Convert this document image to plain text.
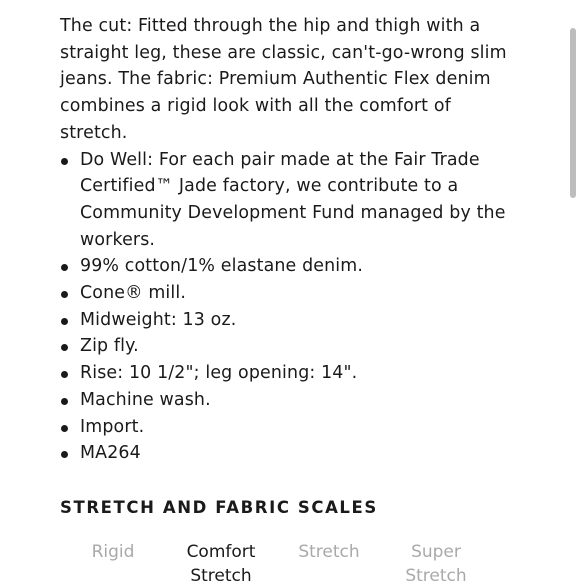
The cut: Fitted through the hip and thigh with a
straight leg, these are classic, can't-go-wrong slim
jeans. The fabric: Premium Authentic Flex denim
combines a rigid look with all the comfort of
stretch.

Do Well: For each pair made at the Fair Trade
Certified™ Jade factory, we contribute to a
Community Development Fund managed by the
workers.
99% cotton/1% elastane denim.
Cone® mill.
Midweight: 13 oz.
Zip fly.
Rise: 10 1/2"; leg opening: 14".
Machine wash.
Import.
MA264
STRETCH AND FABRIC SCALES
Rigid	Comfort
Stretch
Stretch	Super
Stretch
